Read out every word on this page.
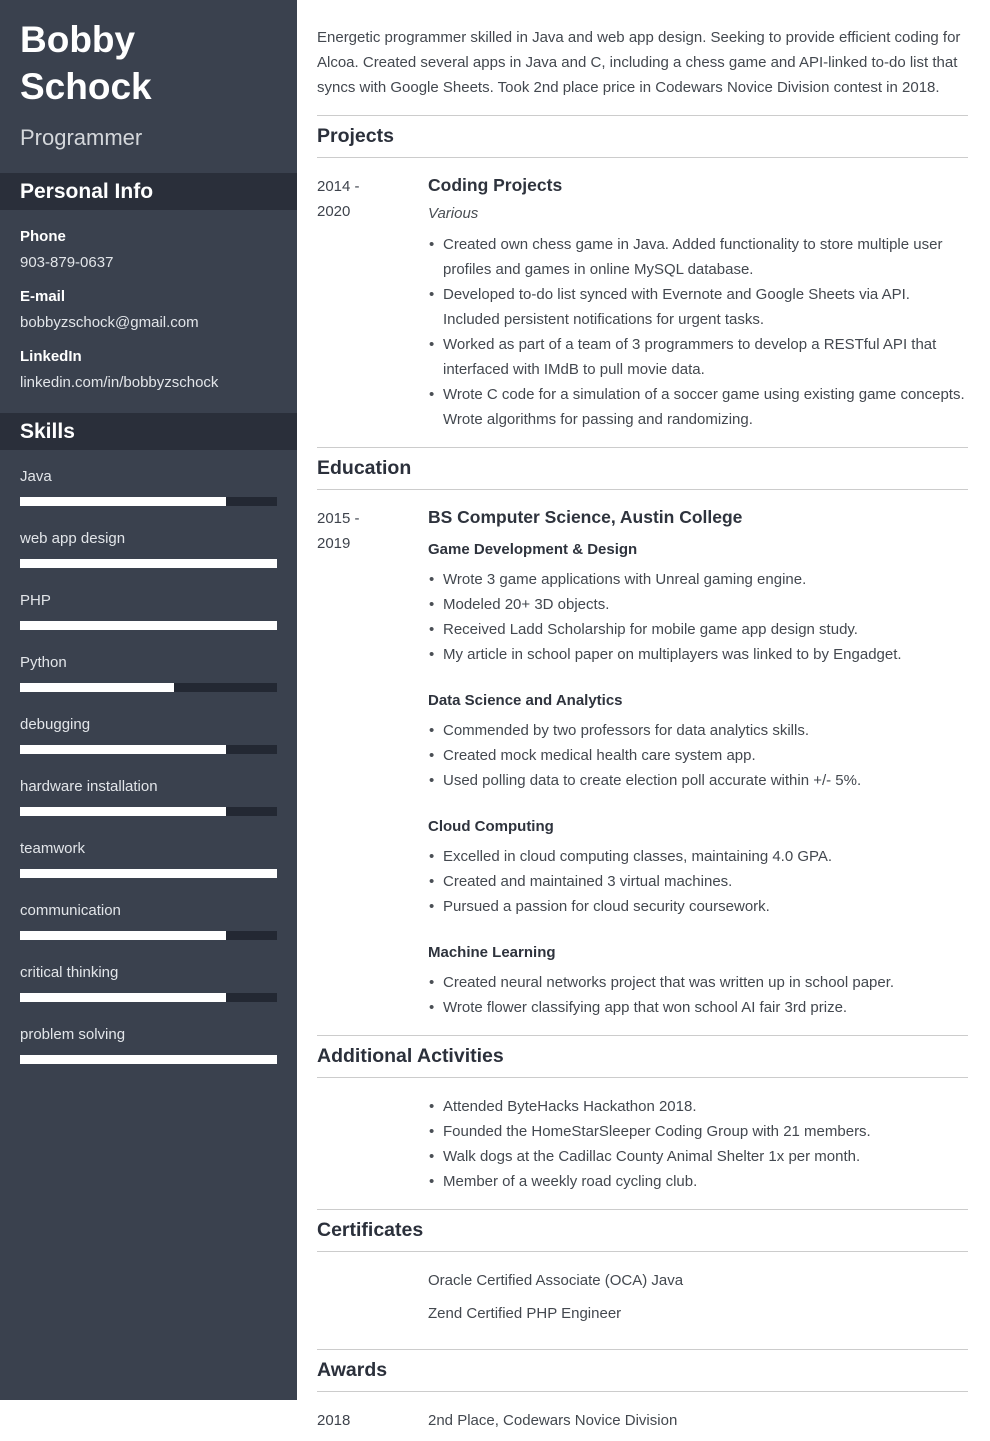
Bobby Schock
Programmer
Personal Info
Phone
903-879-0637
E-mail
bobbyzschock@gmail.com
LinkedIn
linkedin.com/in/bobbyzschock
Skills
Java
web app design
PHP
Python
debugging
hardware installation
teamwork
communication
critical thinking
problem solving

Energetic programmer skilled in Java and web app design. Seeking to provide efficient coding for Alcoa. Created several apps in Java and C, including a chess game and API-linked to-do list that syncs with Google Sheets. Took 2nd place price in Codewars Novice Division contest in 2018.

Projects
2014 -
2020
Coding Projects
Various
• Created own chess game in Java. Added functionality to store multiple user profiles and games in online MySQL database.
• Developed to-do list synced with Evernote and Google Sheets via API. Included persistent notifications for urgent tasks.
• Worked as part of a team of 3 programmers to develop a RESTful API that interfaced with IMdB to pull movie data.
• Wrote C code for a simulation of a soccer game using existing game concepts. Wrote algorithms for passing and randomizing.
Education
2015 -
2019
BS Computer Science, Austin College
Game Development & Design
• Wrote 3 game applications with Unreal gaming engine.
• Modeled 20+ 3D objects.
• Received Ladd Scholarship for mobile game app design study.
• My article in school paper on multiplayers was linked to by Engadget.
Data Science and Analytics
• Commended by two professors for data analytics skills.
• Created mock medical health care system app.
• Used polling data to create election poll accurate within +/- 5%.
Cloud Computing
• Excelled in cloud computing classes, maintaining 4.0 GPA.
• Created and maintained 3 virtual machines.
• Pursued a passion for cloud security coursework.
Machine Learning
• Created neural networks project that was written up in school paper.
• Wrote flower classifying app that won school AI fair 3rd prize.
Additional Activities
• Attended ByteHacks Hackathon 2018.
• Founded the HomeStarSleeper Coding Group with 21 members.
• Walk dogs at the Cadillac County Animal Shelter 1x per month.
• Member of a weekly road cycling club.
Certificates
Oracle Certified Associate (OCA) Java
Zend Certified PHP Engineer
Awards
2018	2nd Place, Codewars Novice Division
